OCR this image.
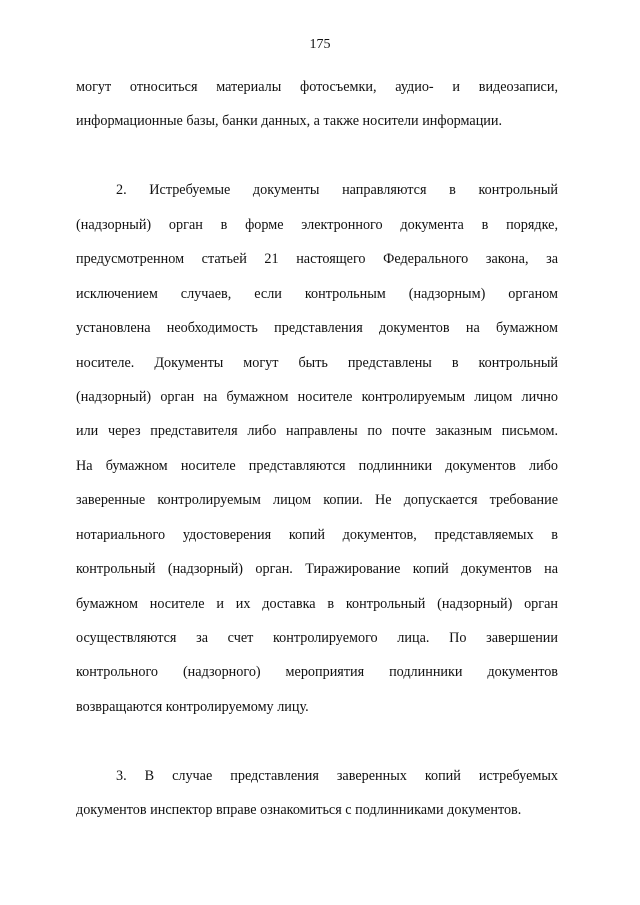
175
могут относиться материалы фотосъемки, аудио- и видеозаписи,
информационные базы, банки данных, а также носители информации.
2. Истребуемые документы направляются в контрольный
(надзорный) орган в форме электронного документа в порядке,
предусмотренном статьей 21 настоящего Федерального закона, за
исключением случаев, если контрольным (надзорным) органом
установлена необходимость представления документов на бумажном
носителе. Документы могут быть представлены в контрольный
(надзорный) орган на бумажном носителе контролируемым лицом лично
или через представителя либо направлены по почте заказным письмом.
На бумажном носителе представляются подлинники документов либо
заверенные контролируемым лицом копии. Не допускается требование
нотариального удостоверения копий документов, представляемых в
контрольный (надзорный) орган. Тиражирование копий документов на
бумажном носителе и их доставка в контрольный (надзорный) орган
осуществляются за счет контролируемого лица. По завершении
контрольного (надзорного) мероприятия подлинники документов
возвращаются контролируемому лицу.
3. В случае представления заверенных копий истребуемых
документов инспектор вправе ознакомиться с подлинниками документов.
